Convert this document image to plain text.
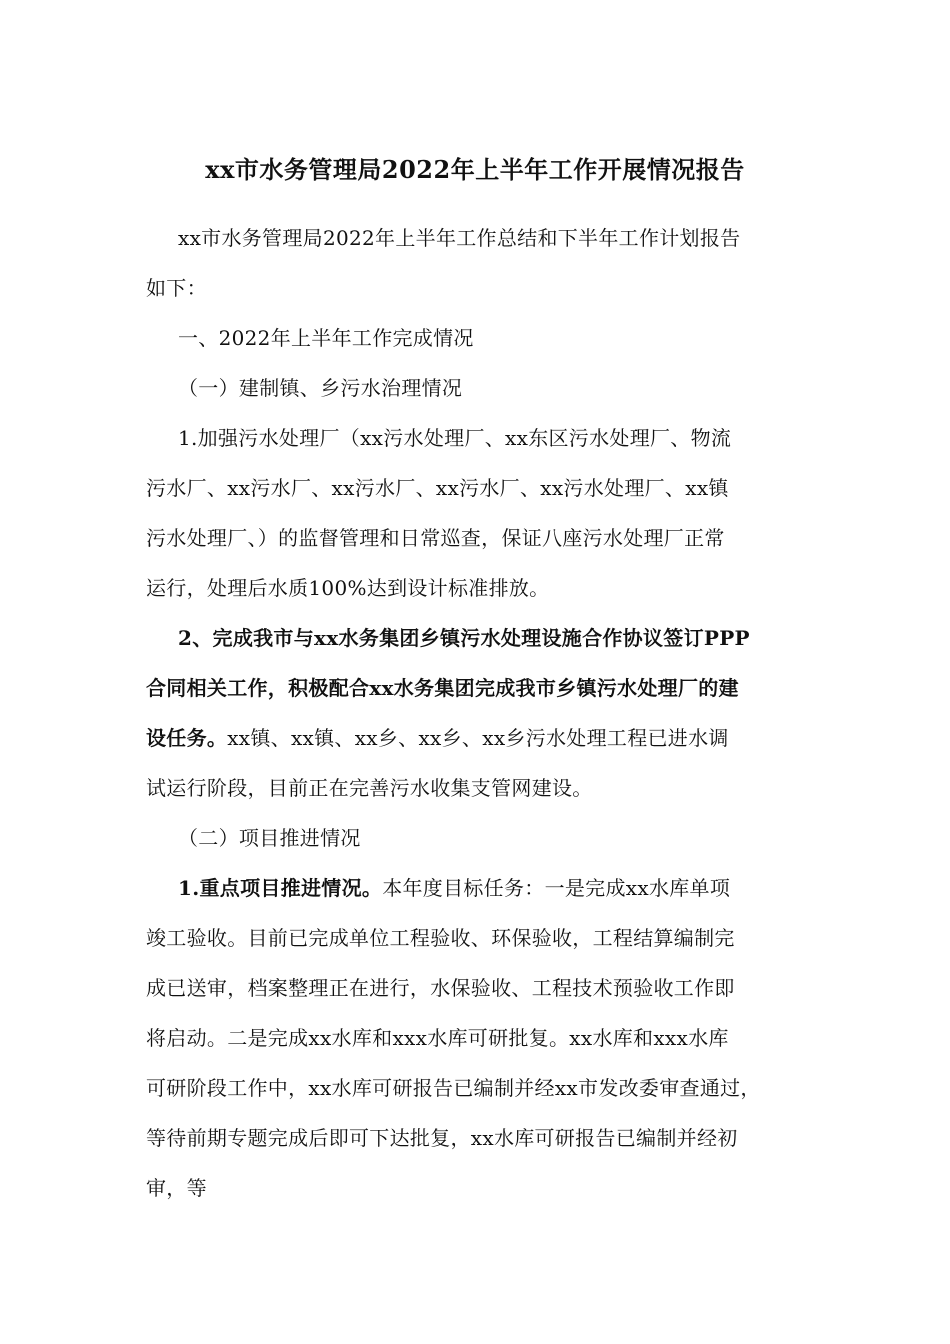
xx市水务管理局2022年上半年工作开展情况报告
xx市水务管理局2022年上半年工作总结和下半年工作计划报告
如下：
一、2022年上半年工作完成情况
（一）建制镇、乡污水治理情况
1.加强污水处理厂（xx污水处理厂、xx东区污水处理厂、物流
污水厂、xx污水厂、xx污水厂、xx污水厂、xx污水处理厂、xx镇
污水处理厂、）的监督管理和日常巡查，保证八座污水处理厂正常
运行，处理后水质100%达到设计标准排放。
2、完成我市与xx水务集团乡镇污水处理设施合作协议签订PPP
合同相关工作，积极配合xx水务集团完成我市乡镇污水处理厂的建
设任务。xx镇、xx镇、xx乡、xx乡、xx乡污水处理工程已进水调
试运行阶段，目前正在完善污水收集支管网建设。
（二）项目推进情况
1.重点项目推进情况。本年度目标任务：一是完成xx水库单项
竣工验收。目前已完成单位工程验收、环保验收，工程结算编制完
成已送审，档案整理正在进行，水保验收、工程技术预验收工作即
将启动。二是完成xx水库和xxx水库可研批复。xx水库和xxx水库
可研阶段工作中，xx水库可研报告已编制并经xx市发改委审查通过，
等待前期专题完成后即可下达批复，xx水库可研报告已编制并经初
审，等
